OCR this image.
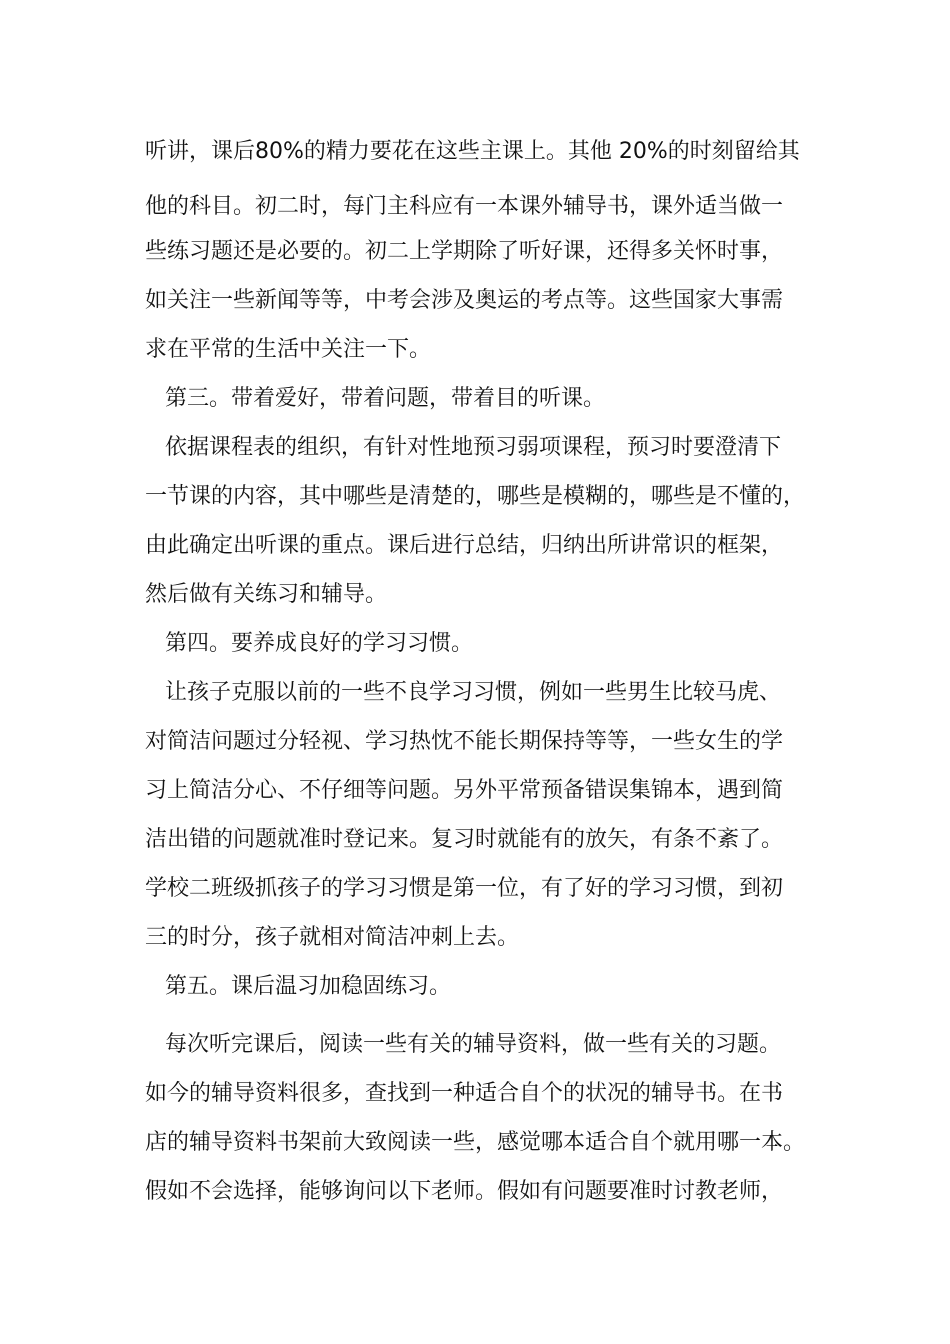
听讲，课后80%的精力要花在这些主课上。其他 20%的时刻留给其
他的科目。初二时，每门主科应有一本课外辅导书，课外适当做一
些练习题还是必要的。初二上学期除了听好课，还得多关怀时事，
如关注一些新闻等等，中考会涉及奥运的考点等。这些国家大事需
求在平常的生活中关注一下。
第三。带着爱好，带着问题，带着目的听课。
依据课程表的组织，有针对性地预习弱项课程，预习时要澄清下
一节课的内容，其中哪些是清楚的，哪些是模糊的，哪些是不懂的，
由此确定出听课的重点。课后进行总结，归纳出所讲常识的框架，
然后做有关练习和辅导。
第四。要养成良好的学习习惯。
让孩子克服以前的一些不良学习习惯，例如一些男生比较马虎、
对简洁问题过分轻视、学习热忱不能长期保持等等，一些女生的学
习上简洁分心、不仔细等问题。另外平常预备错误集锦本，遇到简
洁出错的问题就准时登记来。复习时就能有的放矢，有条不紊了。
学校二班级抓孩子的学习习惯是第一位，有了好的学习习惯，到初
三的时分，孩子就相对简洁冲刺上去。
第五。课后温习加稳固练习。
每次听完课后，阅读一些有关的辅导资料，做一些有关的习题。
如今的辅导资料很多，查找到一种适合自个的状况的辅导书。在书
店的辅导资料书架前大致阅读一些，感觉哪本适合自个就用哪一本。
假如不会选择，能够询问以下老师。假如有问题要准时讨教老师，
